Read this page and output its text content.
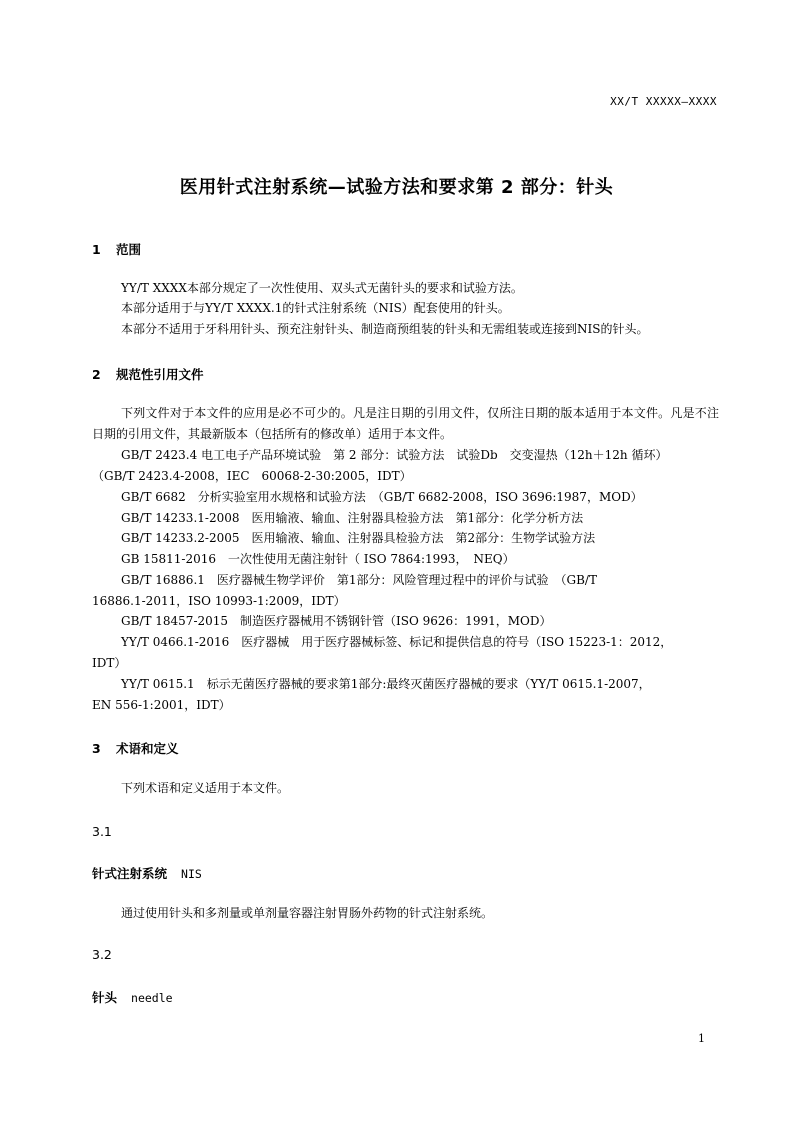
XX/T XXXXX—XXXX
医用针式注射系统—试验方法和要求第 2 部分：针头
1 范围
YY/T XXXX本部分规定了一次性使用、双头式无菌针头的要求和试验方法。
本部分适用于与YY/T XXXX.1的针式注射系统（NIS）配套使用的针头。
本部分不适用于牙科用针头、预充注射针头、制造商预组装的针头和无需组装或连接到NIS的针头。
2 规范性引用文件
下列文件对于本文件的应用是必不可少的。凡是注日期的引用文件，仅所注日期的版本适用于本文件。凡是不注日期的引用文件，其最新版本（包括所有的修改单）适用于本文件。
GB/T 2423.4 电工电子产品环境试验　第 2 部分：试验方法　试验Db　交变湿热（12h＋12h 循环）
（GB/T 2423.4-2008，IEC　60068-2-30:2005，IDT）
GB/T 6682　分析实验室用水规格和试验方法　（GB/T 6682-2008，ISO 3696:1987，MOD）
GB/T 14233.1-2008　医用输液、输血、注射器具检验方法　第1部分：化学分析方法
GB/T 14233.2-2005　医用输液、输血、注射器具检验方法　第2部分：生物学试验方法
GB 15811-2016　一次性使用无菌注射针（ ISO 7864:1993，　NEQ）
GB/T 16886.1　医疗器械生物学评价　第1部分：风险管理过程中的评价与试验　（GB/T
16886.1-2011，ISO 10993-1:2009，IDT）
GB/T 18457-2015　制造医疗器械用不锈钢针管（ISO 9626：1991，MOD）
YY/T 0466.1-2016　医疗器械　用于医疗器械标签、标记和提供信息的符号（ISO 15223-1：2012，
IDT）
YY/T 0615.1　标示无菌医疗器械的要求第1部分:最终灭菌医疗器械的要求（YY/T 0615.1-2007，
EN 556-1:2001，IDT）
3 术语和定义
下列术语和定义适用于本文件。
3.1
针式注射系统 NIS
通过使用针头和多剂量或单剂量容器注射胃肠外药物的针式注射系统。
3.2
针头 needle
1
